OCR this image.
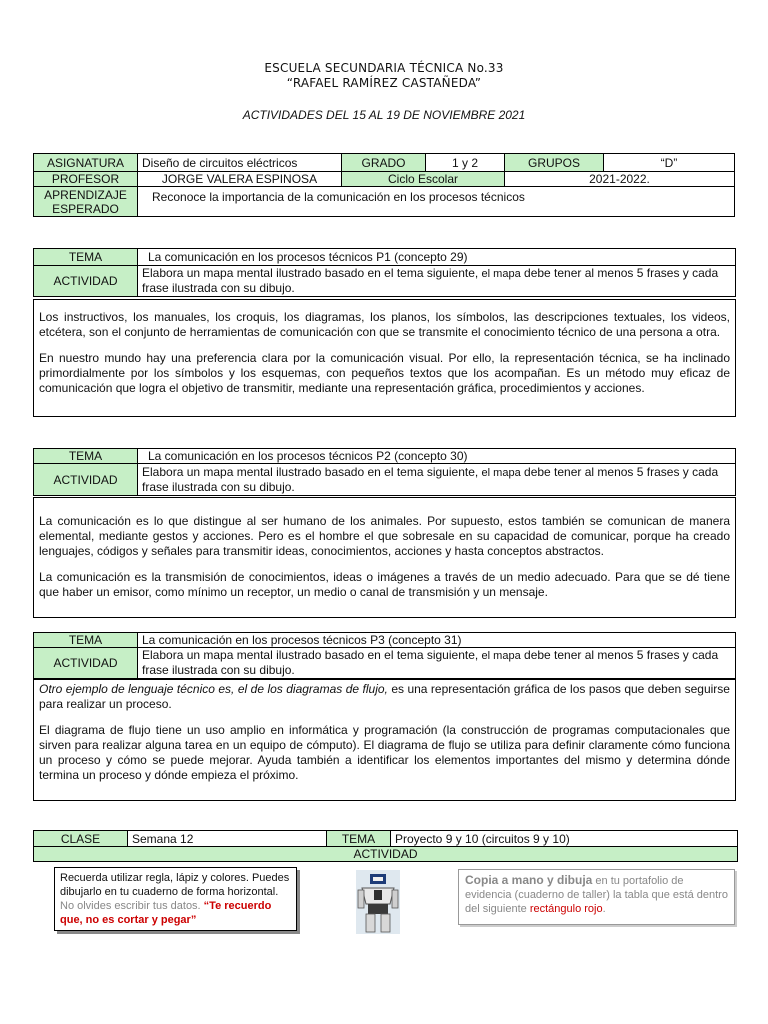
ESCUELA SECUNDARIA TÉCNICA No.33
“RAFAEL RAMÍREZ CASTAÑEDA”
ACTIVIDADES DEL 15 AL 19 DE NOVIEMBRE 2021
ASIGNATURA	Diseño de circuitos eléctricos	GRADO	1 y 2	GRUPOS	“D”
PROFESOR	JORGE VALERA ESPINOSA	Ciclo Escolar		2021-2022.	
APRENDIZAJE
ESPERADO	Reconoce la importancia de la comunicación en los procesos técnicos				
TEMA	La comunicación en los procesos técnicos P1 (concepto 29)
ACTIVIDAD	Elabora un mapa mental ilustrado basado en el tema siguiente, el mapa debe tener al menos 5 frases y cada frase ilustrada con su dibujo.

Los instructivos, los manuales, los croquis, los diagramas, los planos, los símbolos, las descripciones textuales, los videos, etcétera, son el conjunto de herramientas de comunicación con que se transmite el conocimiento técnico de una persona a otra.

En nuestro mundo hay una preferencia clara por la comunicación visual. Por ello, la representación técnica, se ha inclinado primordialmente por los símbolos y los esquemas, con pequeños textos que los acompañan. Es un método muy eficaz de comunicación que logra el objetivo de transmitir, mediante una representación gráfica, procedimientos y acciones.

TEMA	La comunicación en los procesos técnicos P2 (concepto 30)
ACTIVIDAD	Elabora un mapa mental ilustrado basado en el tema siguiente, el mapa debe tener al menos 5 frases y cada frase ilustrada con su dibujo.

La comunicación es lo que distingue al ser humano de los animales. Por supuesto, estos también se comunican de manera elemental, mediante gestos y acciones. Pero es el hombre el que sobresale en su capacidad de comunicar, porque ha creado lenguajes, códigos y señales para transmitir ideas, conocimientos, acciones y hasta conceptos abstractos.

La comunicación es la transmisión de conocimientos, ideas o imágenes a través de un medio adecuado. Para que se dé tiene que haber un emisor, como mínimo un receptor, un medio o canal de transmisión y un mensaje.

TEMA	La comunicación en los procesos técnicos P3 (concepto 31)
ACTIVIDAD	Elabora un mapa mental ilustrado basado en el tema siguiente, el mapa debe tener al menos 5 frases y cada frase ilustrada con su dibujo.

Otro ejemplo de lenguaje técnico es, el de los diagramas de flujo, es una representación gráfica de los pasos que deben seguirse para realizar un proceso.

El diagrama de flujo tiene un uso amplio en informática y programación (la construcción de programas computacionales que sirven para realizar alguna tarea en un equipo de cómputo). El diagrama de flujo se utiliza para definir claramente cómo funciona un proceso y cómo se puede mejorar. Ayuda también a identificar los elementos importantes del mismo y determina dónde termina un proceso y dónde empieza el próximo.

CLASE	Semana 12	TEMA	Proyecto 9 y 10 (circuitos 9 y 10)
ACTIVIDAD
Recuerda utilizar regla, lápiz y colores. Puedes dibujarlo en tu cuaderno de forma horizontal. No olvides escribir tus datos. “Te recuerdo que, no es cortar y pegar”
Copia a mano y dibuja en tu portafolio de evidencia (cuaderno de taller) la tabla que está dentro del siguiente rectángulo rojo.
